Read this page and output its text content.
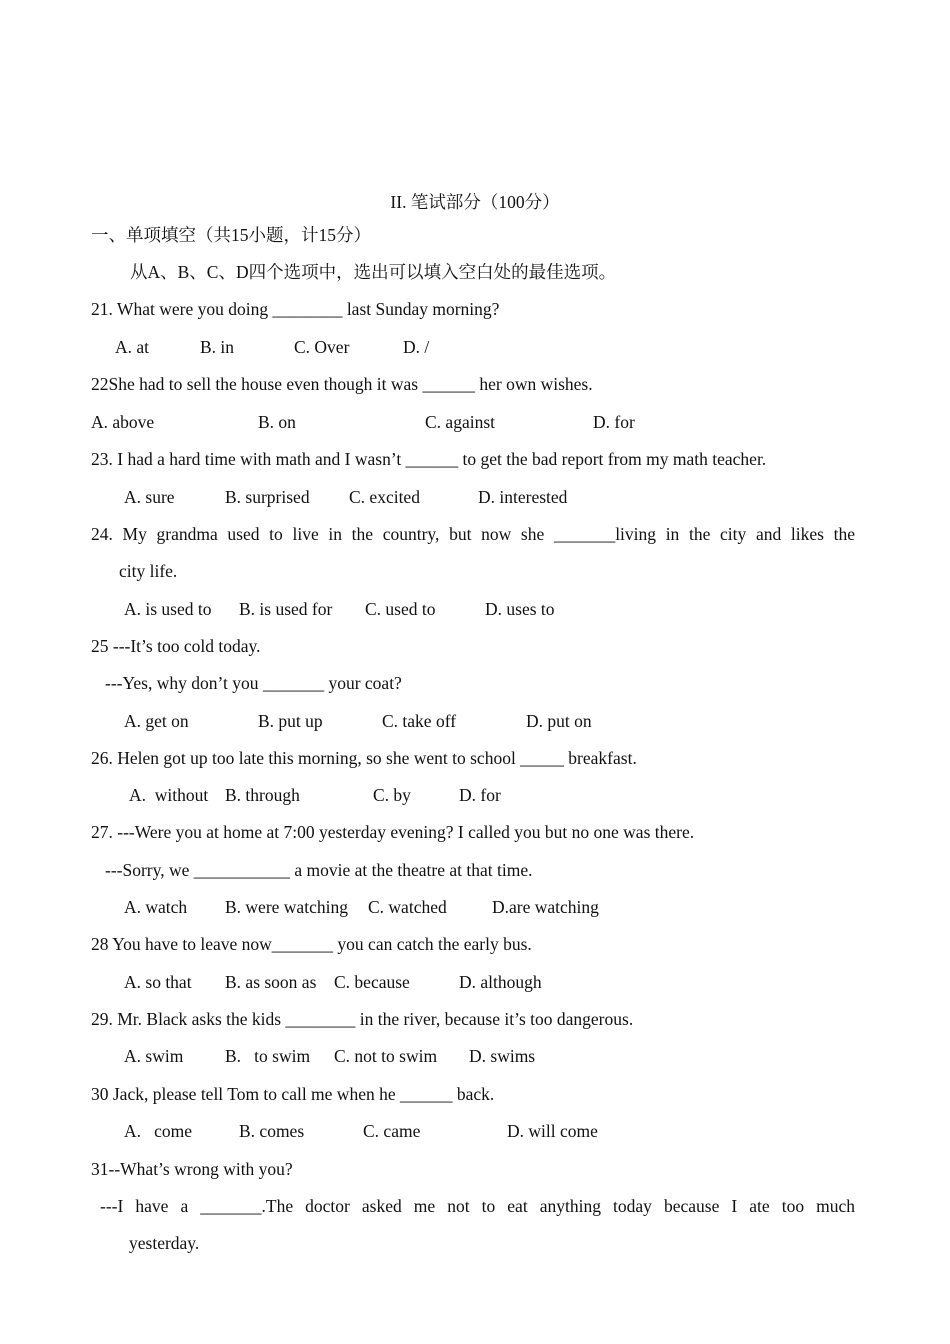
II. 笔试部分（100分）
一、单项填空（共15小题，计15分）
从A、B、C、D四个选项中，选出可以填入空白处的最佳选项。
21. What were you doing ________ last Sunday morning?
A. at	B. in	C. Over	D. /
22She had to sell the house even though it was ______ her own wishes.
A. above	B. on	C. against	D. for
23. I had a hard time with math and I wasn’t ______ to get the bad report from my math teacher.
A. sure	B. surprised C. excited	D. interested
24. My grandma used to live in the country, but now she _______living in the city and likes the
city life.
A. is used to B. is used for C. used to	D. uses to
25 ---It’s too cold today.
---Yes, why don’t you _______ your coat?
A. get on	B. put up	C. take off	D. put on
26. Helen got up too late this morning, so she went to school _____ breakfast.
A.  without B. through	C. by	D. for
27. ---Were you at home at 7:00 yesterday evening? I called you but no one was there.
---Sorry, we ___________ a movie at the theatre at that time.
A. watch B. were watching C. watched	D.are watching
28 You have to leave now_______ you can catch the early bus.
A. so that B. as soon as C. because	D. although
29. Mr. Black asks the kids ________ in the river, because it’s too dangerous.
A. swim B.   to swim C. not to swim D. swims
30 Jack, please tell Tom to call me when he ______ back.
A.   come	B. comes	C. came	D. will come
31--What’s wrong with you?
---I have a _______.The doctor asked me not to eat anything today because I ate too much
yesterday.
